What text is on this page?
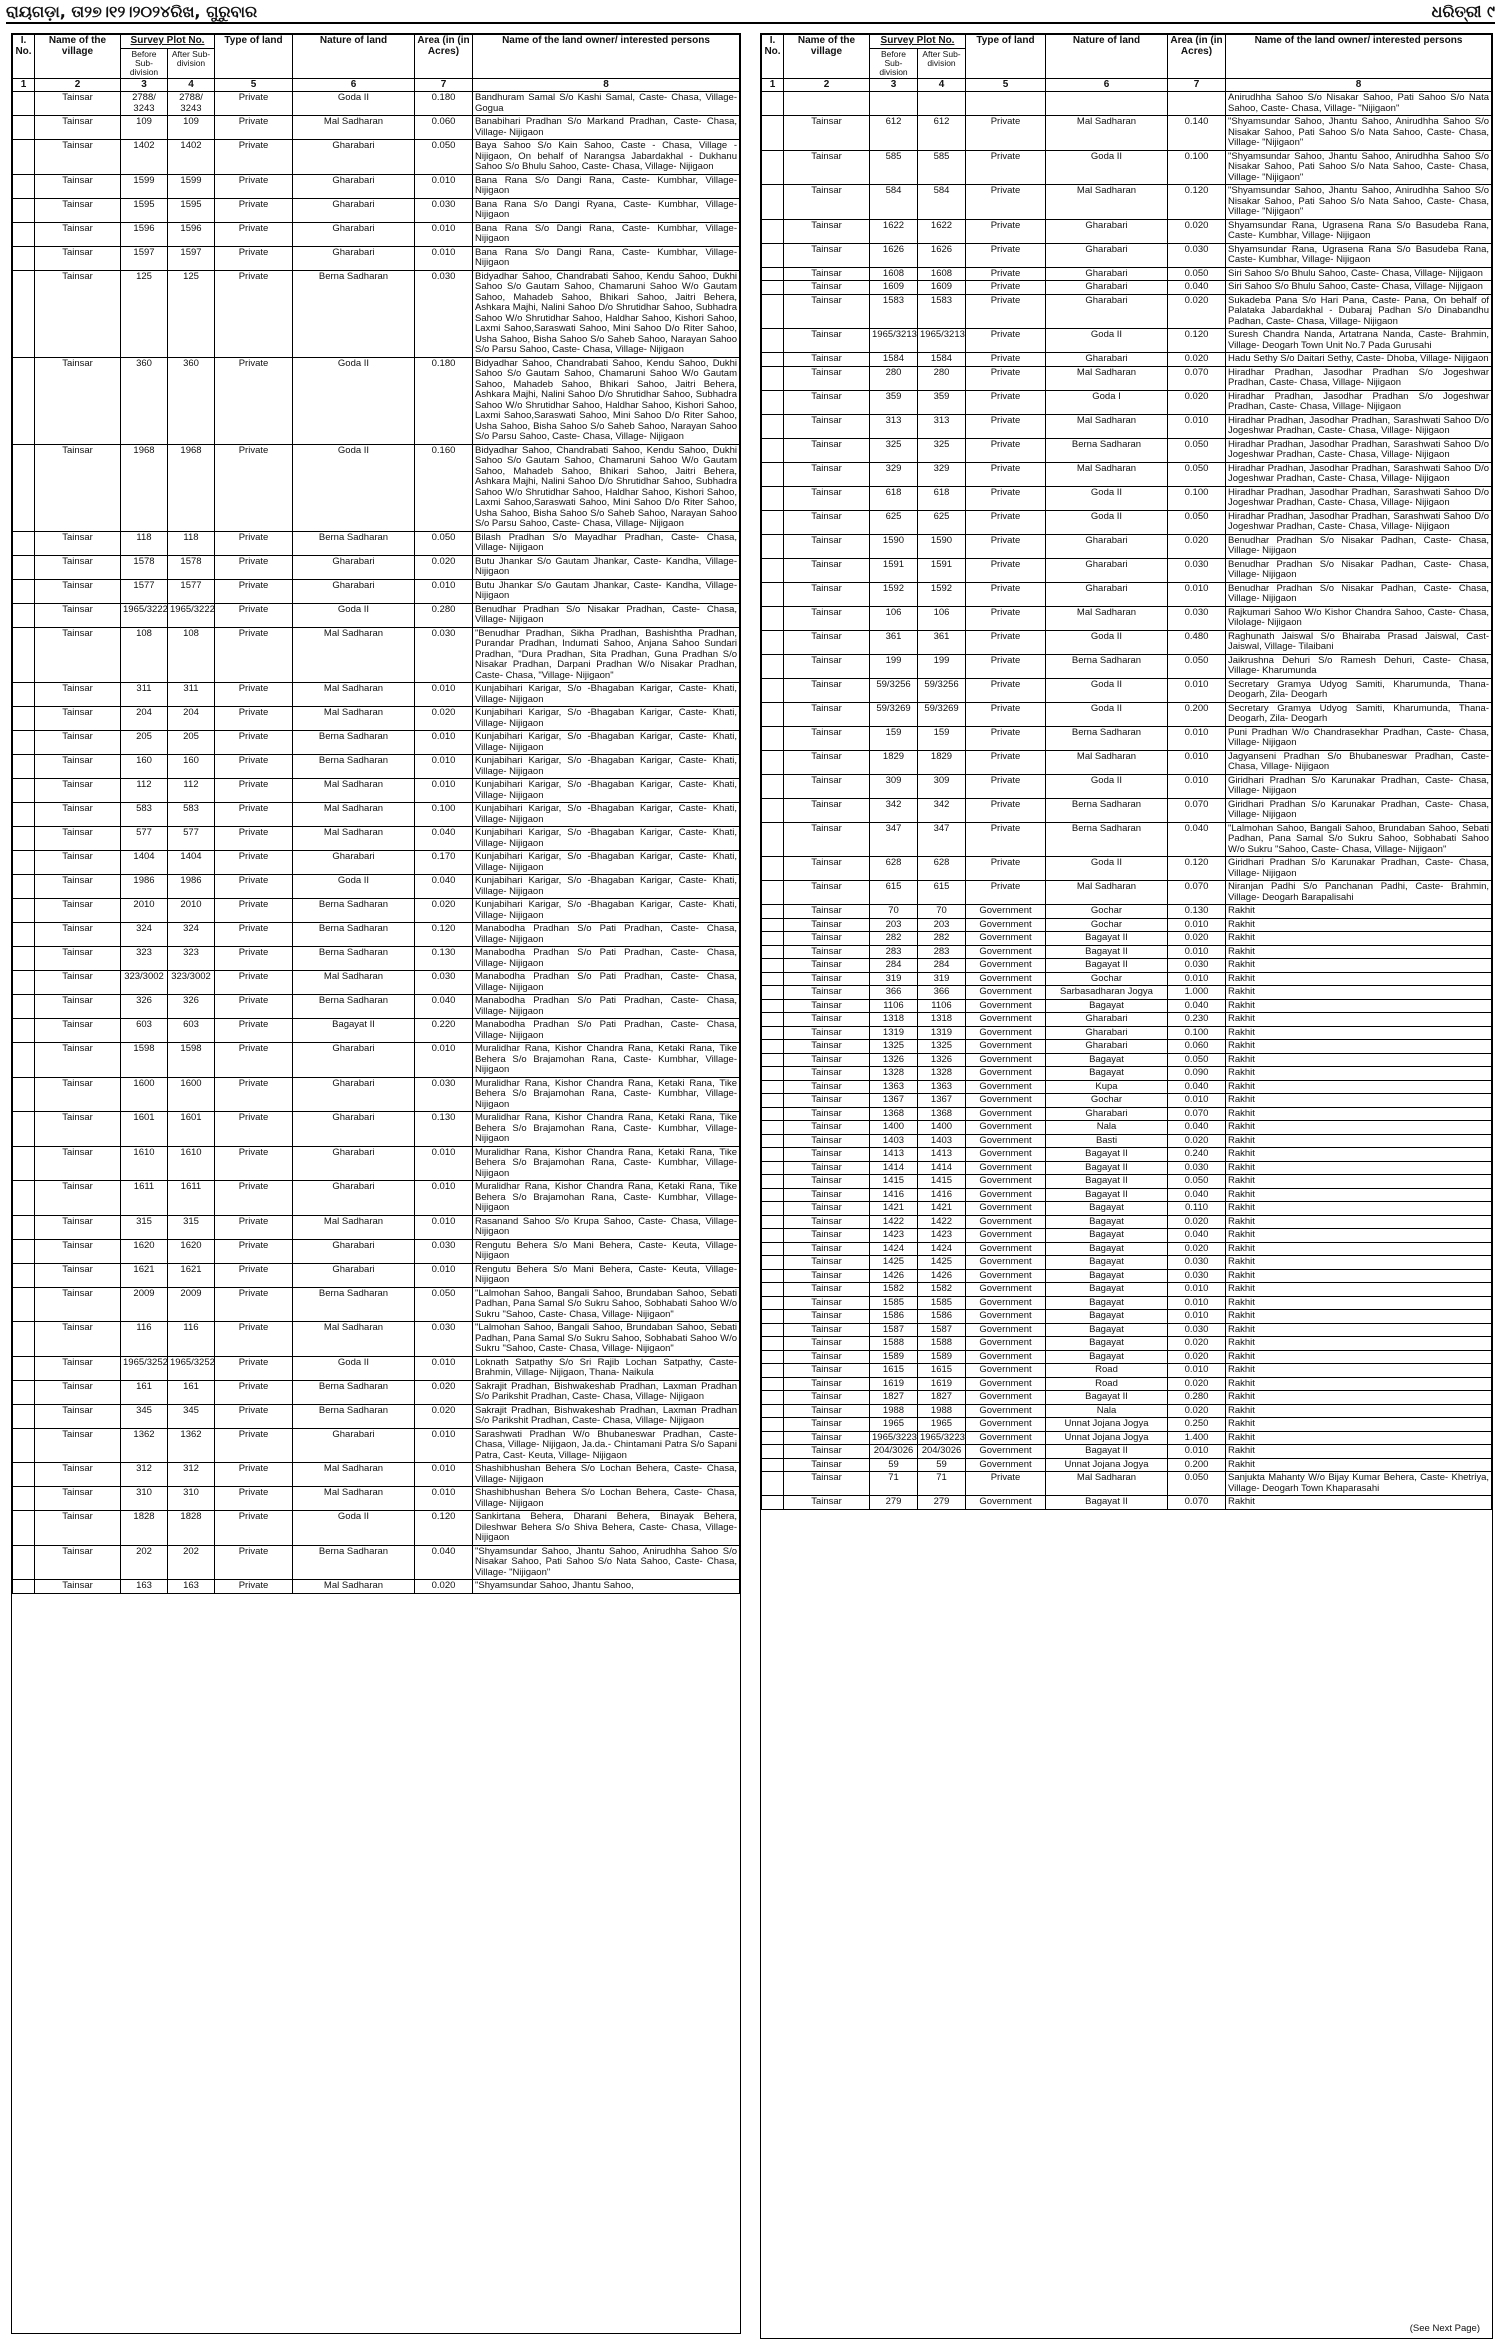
ରାୟଗଡ଼ା, ତା୨୭।୧୨।୨୦୨୪ରିଖ, ଗୁରୁବାର	ଧରିତ୍ରୀ ୯
I. No.	Name of the village	Survey Plot No.		Type of land	Nature of land	Area (in (in Acres)	Name of the land owner/ interested persons
		Before Sub-division	After Sub-division				
1	2	3	4	5	6	7	8
	Tainsar	2788/ 3243	2788/ 3243	Private	Goda II	0.180	Bandhuram Samal S/o Kashi Samal, Caste- Chasa, Village- Gogua
	Tainsar	109	109	Private	Mal Sadharan	0.060	Banabihari Pradhan S/o Markand Pradhan, Caste- Chasa, Village- Nijigaon
	Tainsar	1402	1402	Private	Gharabari	0.050	Baya Sahoo S/o Kain Sahoo, Caste - Chasa, Village - Nijigaon, On behalf of Narangsa Jabardakhal - Dukhanu Sahoo S/o Bhulu Sahoo, Caste- Chasa, Village- Nijigaon
	Tainsar	1599	1599	Private	Gharabari	0.010	Bana Rana S/o Dangi Rana, Caste- Kumbhar, Village- Nijigaon
	Tainsar	1595	1595	Private	Gharabari	0.030	Bana Rana S/o Dangi Ryana, Caste- Kumbhar, Village- Nijigaon
	Tainsar	1596	1596	Private	Gharabari	0.010	Bana Rana S/o Dangi Rana, Caste- Kumbhar, Village- Nijigaon
	Tainsar	1597	1597	Private	Gharabari	0.010	Bana Rana S/o Dangi Rana, Caste- Kumbhar, Village- Nijigaon
	Tainsar	125	125	Private	Berna Sadharan	0.030	Bidyadhar Sahoo, Chandrabati Sahoo, Kendu Sahoo, Dukhi Sahoo S/o Gautam Sahoo, Chamaruni Sahoo W/o Gautam Sahoo, Mahadeb Sahoo, Bhikari Sahoo, Jaitri Behera, Ashkara Majhi, Nalini Sahoo D/o Shrutidhar Sahoo, Subhadra Sahoo W/o Shrutidhar Sahoo, Haldhar Sahoo, Kishori Sahoo, Laxmi Sahoo,Saraswati Sahoo, Mini Sahoo D/o Riter Sahoo, Usha Sahoo, Bisha Sahoo S/o Saheb Sahoo, Narayan Sahoo S/o Parsu Sahoo, Caste- Chasa, Village- Nijigaon
	Tainsar	360	360	Private	Goda II	0.180	Bidyadhar Sahoo, Chandrabati Sahoo, Kendu Sahoo, Dukhi Sahoo S/o Gautam Sahoo, Chamaruni Sahoo W/o Gautam Sahoo, Mahadeb Sahoo, Bhikari Sahoo, Jaitri Behera, Ashkara Majhi, Nalini Sahoo D/o Shrutidhar Sahoo, Subhadra Sahoo W/o Shrutidhar Sahoo, Haldhar Sahoo, Kishori Sahoo, Laxmi Sahoo,Saraswati Sahoo, Mini Sahoo D/o Riter Sahoo, Usha Sahoo, Bisha Sahoo S/o Saheb Sahoo, Narayan Sahoo S/o Parsu Sahoo, Caste- Chasa, Village- Nijigaon
	Tainsar	1968	1968	Private	Goda II	0.160	Bidyadhar Sahoo, Chandrabati Sahoo, Kendu Sahoo, Dukhi Sahoo S/o Gautam Sahoo, Chamaruni Sahoo W/o Gautam Sahoo, Mahadeb Sahoo, Bhikari Sahoo, Jaitri Behera, Ashkara Majhi, Nalini Sahoo D/o Shrutidhar Sahoo, Subhadra Sahoo W/o Shrutidhar Sahoo, Haldhar Sahoo, Kishori Sahoo, Laxmi Sahoo,Saraswati Sahoo, Mini Sahoo D/o Riter Sahoo, Usha Sahoo, Bisha Sahoo S/o Saheb Sahoo, Narayan Sahoo S/o Parsu Sahoo, Caste- Chasa, Village- Nijigaon
	Tainsar	118	118	Private	Berna Sadharan	0.050	Bilash Pradhan S/o Mayadhar Pradhan, Caste- Chasa, Village- Nijigaon
	Tainsar	1578	1578	Private	Gharabari	0.020	Butu Jhankar S/o Gautam Jhankar, Caste- Kandha, Village- Nijigaon
	Tainsar	1577	1577	Private	Gharabari	0.010	Butu Jhankar S/o Gautam Jhankar, Caste- Kandha, Village- Nijigaon
	Tainsar	1965/3222	1965/3222	Private	Goda II	0.280	Benudhar Pradhan S/o Nisakar Pradhan, Caste- Chasa, Village- Nijigaon
	Tainsar	108	108	Private	Mal Sadharan	0.030	"Benudhar Pradhan, Sikha Pradhan, Bashishtha Pradhan, Purandar Pradhan, Indumati Sahoo, Anjana Sahoo Sundari Pradhan, "Dura Pradhan, Sita Pradhan, Guna Pradhan S/o Nisakar Pradhan, Darpani Pradhan W/o Nisakar Pradhan, Caste- Chasa, "Village- Nijigaon"
	Tainsar	311	311	Private	Mal Sadharan	0.010	Kunjabihari Karigar, S/o -Bhagaban Karigar, Caste- Khati, Village- Nijigaon
	Tainsar	204	204	Private	Mal Sadharan	0.020	Kunjabihari Karigar, S/o -Bhagaban Karigar, Caste- Khati, Village- Nijigaon
	Tainsar	205	205	Private	Berna Sadharan	0.010	Kunjabihari Karigar, S/o -Bhagaban Karigar, Caste- Khati, Village- Nijigaon
	Tainsar	160	160	Private	Berna Sadharan	0.010	Kunjabihari Karigar, S/o -Bhagaban Karigar, Caste- Khati, Village- Nijigaon
	Tainsar	112	112	Private	Mal Sadharan	0.010	Kunjabihari Karigar, S/o -Bhagaban Karigar, Caste- Khati, Village- Nijigaon
	Tainsar	583	583	Private	Mal Sadharan	0.100	Kunjabihari Karigar, S/o -Bhagaban Karigar, Caste- Khati, Village- Nijigaon
	Tainsar	577	577	Private	Mal Sadharan	0.040	Kunjabihari Karigar, S/o -Bhagaban Karigar, Caste- Khati, Village- Nijigaon
	Tainsar	1404	1404	Private	Gharabari	0.170	Kunjabihari Karigar, S/o -Bhagaban Karigar, Caste- Khati, Village- Nijigaon
	Tainsar	1986	1986	Private	Goda II	0.040	Kunjabihari Karigar, S/o -Bhagaban Karigar, Caste- Khati, Village- Nijigaon
	Tainsar	2010	2010	Private	Berna Sadharan	0.020	Kunjabihari Karigar, S/o -Bhagaban Karigar, Caste- Khati, Village- Nijigaon
	Tainsar	324	324	Private	Berna Sadharan	0.120	Manabodha Pradhan S/o Pati Pradhan, Caste- Chasa, Village- Nijigaon
	Tainsar	323	323	Private	Berna Sadharan	0.130	Manabodha Pradhan S/o Pati Pradhan, Caste- Chasa, Village- Nijigaon
	Tainsar	323/3002	323/3002	Private	Mal Sadharan	0.030	Manabodha Pradhan S/o Pati Pradhan, Caste- Chasa, Village- Nijigaon
	Tainsar	326	326	Private	Berna Sadharan	0.040	Manabodha Pradhan S/o Pati Pradhan, Caste- Chasa, Village- Nijigaon
	Tainsar	603	603	Private	Bagayat II	0.220	Manabodha Pradhan S/o Pati Pradhan, Caste- Chasa, Village- Nijigaon
	Tainsar	1598	1598	Private	Gharabari	0.010	Muralidhar Rana, Kishor Chandra Rana, Ketaki Rana, Tike Behera S/o Brajamohan Rana, Caste- Kumbhar, Village- Nijigaon
	Tainsar	1600	1600	Private	Gharabari	0.030	Muralidhar Rana, Kishor Chandra Rana, Ketaki Rana, Tike Behera S/o Brajamohan Rana, Caste- Kumbhar, Village- Nijigaon
	Tainsar	1601	1601	Private	Gharabari	0.130	Muralidhar Rana, Kishor Chandra Rana, Ketaki Rana, Tike Behera S/o Brajamohan Rana, Caste- Kumbhar, Village- Nijigaon
	Tainsar	1610	1610	Private	Gharabari	0.010	Muralidhar Rana, Kishor Chandra Rana, Ketaki Rana, Tike Behera S/o Brajamohan Rana, Caste- Kumbhar, Village- Nijigaon
	Tainsar	1611	1611	Private	Gharabari	0.010	Muralidhar Rana, Kishor Chandra Rana, Ketaki Rana, Tike Behera S/o Brajamohan Rana, Caste- Kumbhar, Village- Nijigaon
	Tainsar	315	315	Private	Mal Sadharan	0.010	Rasanand Sahoo S/o Krupa Sahoo, Caste- Chasa, Village- Nijigaon
	Tainsar	1620	1620	Private	Gharabari	0.030	Rengutu Behera S/o Mani Behera, Caste- Keuta, Village- Nijigaon
	Tainsar	1621	1621	Private	Gharabari	0.010	Rengutu Behera S/o Mani Behera, Caste- Keuta, Village- Nijigaon
	Tainsar	2009	2009	Private	Berna Sadharan	0.050	"Lalmohan Sahoo, Bangali Sahoo, Brundaban Sahoo, Sebati Padhan, Pana Samal S/o Sukru Sahoo, Sobhabati Sahoo W/o Sukru "Sahoo, Caste- Chasa, Village- Nijigaon"
	Tainsar	116	116	Private	Mal Sadharan	0.030	"Lalmohan Sahoo, Bangali Sahoo, Brundaban Sahoo, Sebati Padhan, Pana Samal S/o Sukru Sahoo, Sobhabati Sahoo W/o Sukru "Sahoo, Caste- Chasa, Village- Nijigaon"
	Tainsar	1965/3252	1965/3252	Private	Goda II	0.010	Loknath Satpathy S/o Sri Rajib Lochan Satpathy, Caste- Brahmin, Village- Nijigaon, Thana- Naikula
	Tainsar	161	161	Private	Berna Sadharan	0.020	Sakrajit Pradhan, Bishwakeshab Pradhan, Laxman Pradhan S/o Parikshit Pradhan, Caste- Chasa, Village- Nijigaon
	Tainsar	345	345	Private	Berna Sadharan	0.020	Sakrajit Pradhan, Bishwakeshab Pradhan, Laxman Pradhan S/o Parikshit Pradhan, Caste- Chasa, Village- Nijigaon
	Tainsar	1362	1362	Private	Gharabari	0.010	Sarashwati Pradhan W/o Bhubaneswar Pradhan, Caste- Chasa, Village- Nijigaon, Ja.da.- Chintamani Patra S/o Sapani Patra, Cast- Keuta, Village- Nijigaon
	Tainsar	312	312	Private	Mal Sadharan	0.010	Shashibhushan Behera S/o Lochan Behera, Caste- Chasa, Village- Nijigaon
	Tainsar	310	310	Private	Mal Sadharan	0.010	Shashibhushan Behera S/o Lochan Behera, Caste- Chasa, Village- Nijigaon
	Tainsar	1828	1828	Private	Goda II	0.120	Sankirtana Behera, Dharani Behera, Binayak Behera, Dileshwar Behera S/o Shiva Behera, Caste- Chasa, Village- Nijigaon
	Tainsar	202	202	Private	Berna Sadharan	0.040	"Shyamsundar Sahoo, Jhantu Sahoo, Anirudhha Sahoo S/o Nisakar Sahoo, Pati Sahoo S/o Nata Sahoo, Caste- Chasa, Village- "Nijigaon"
	Tainsar	163	163	Private	Mal Sadharan	0.020	"Shyamsundar Sahoo, Jhantu Sahoo,
I. No.	Name of the village	Survey Plot No.		Type of land	Nature of land	Area (in (in Acres)	Name of the land owner/ interested persons
		Before Sub-division	After Sub-division				
1	2	3	4	5	6	7	8
							Anirudhha Sahoo S/o Nisakar Sahoo, Pati Sahoo S/o Nata Sahoo, Caste- Chasa, Village- "Nijigaon"
	Tainsar	612	612	Private	Mal Sadharan	0.140	"Shyamsundar Sahoo, Jhantu Sahoo, Anirudhha Sahoo S/o Nisakar Sahoo, Pati Sahoo S/o Nata Sahoo, Caste- Chasa, Village- "Nijigaon"
	Tainsar	585	585	Private	Goda II	0.100	"Shyamsundar Sahoo, Jhantu Sahoo, Anirudhha Sahoo S/o Nisakar Sahoo, Pati Sahoo S/o Nata Sahoo, Caste- Chasa, Village- "Nijigaon"
	Tainsar	584	584	Private	Mal Sadharan	0.120	"Shyamsundar Sahoo, Jhantu Sahoo, Anirudhha Sahoo S/o Nisakar Sahoo, Pati Sahoo S/o Nata Sahoo, Caste- Chasa, Village- "Nijigaon"
	Tainsar	1622	1622	Private	Gharabari	0.020	Shyamsundar Rana, Ugrasena Rana S/o Basudeba Rana, Caste- Kumbhar, Village- Nijigaon
	Tainsar	1626	1626	Private	Gharabari	0.030	Shyamsundar Rana, Ugrasena Rana S/o Basudeba Rana, Caste- Kumbhar, Village- Nijigaon
	Tainsar	1608	1608	Private	Gharabari	0.050	Siri Sahoo S/o Bhulu Sahoo, Caste- Chasa, Village- Nijigaon
	Tainsar	1609	1609	Private	Gharabari	0.040	Siri Sahoo S/o Bhulu Sahoo, Caste- Chasa, Village- Nijigaon
	Tainsar	1583	1583	Private	Gharabari	0.020	Sukadeba Pana S/o Hari Pana, Caste- Pana, On behalf of Palataka Jabardakhal - Dubaraj Padhan S/o Dinabandhu Padhan, Caste- Chasa, Village- Nijigaon
	Tainsar	1965/3213	1965/3213	Private	Goda II	0.120	Suresh Chandra Nanda, Artatrana Nanda, Caste- Brahmin, Village- Deogarh Town Unit No.7 Pada Gurusahi
	Tainsar	1584	1584	Private	Gharabari	0.020	Hadu Sethy S/o Daitari Sethy, Caste- Dhoba, Village- Nijigaon
	Tainsar	280	280	Private	Mal Sadharan	0.070	Hiradhar Pradhan, Jasodhar Pradhan S/o Jogeshwar Pradhan, Caste- Chasa, Village- Nijigaon
	Tainsar	359	359	Private	Goda I	0.020	Hiradhar Pradhan, Jasodhar Pradhan S/o Jogeshwar Pradhan, Caste- Chasa, Village- Nijigaon
	Tainsar	313	313	Private	Mal Sadharan	0.010	Hiradhar Pradhan, Jasodhar Pradhan, Sarashwati Sahoo D/o Jogeshwar Pradhan, Caste- Chasa, Village- Nijigaon
	Tainsar	325	325	Private	Berna Sadharan	0.050	Hiradhar Pradhan, Jasodhar Pradhan, Sarashwati Sahoo D/o Jogeshwar Pradhan, Caste- Chasa, Village- Nijigaon
	Tainsar	329	329	Private	Mal Sadharan	0.050	Hiradhar Pradhan, Jasodhar Pradhan, Sarashwati Sahoo D/o Jogeshwar Pradhan, Caste- Chasa, Village- Nijigaon
	Tainsar	618	618	Private	Goda II	0.100	Hiradhar Pradhan, Jasodhar Pradhan, Sarashwati Sahoo D/o Jogeshwar Pradhan, Caste- Chasa, Village- Nijigaon
	Tainsar	625	625	Private	Goda II	0.050	Hiradhar Pradhan, Jasodhar Pradhan, Sarashwati Sahoo D/o Jogeshwar Pradhan, Caste- Chasa, Village- Nijigaon
	Tainsar	1590	1590	Private	Gharabari	0.020	Benudhar Pradhan S/o Nisakar Padhan, Caste- Chasa, Village- Nijigaon
	Tainsar	1591	1591	Private	Gharabari	0.030	Benudhar Pradhan S/o Nisakar Padhan, Caste- Chasa, Village- Nijigaon
	Tainsar	1592	1592	Private	Gharabari	0.010	Benudhar Pradhan S/o Nisakar Padhan, Caste- Chasa, Village- Nijigaon
	Tainsar	106	106	Private	Mal Sadharan	0.030	Rajkumari Sahoo W/o Kishor Chandra Sahoo, Caste- Chasa, Vilolage- Nijigaon
	Tainsar	361	361	Private	Goda II	0.480	Raghunath Jaiswal S/o Bhairaba Prasad Jaiswal, Cast- Jaiswal, Village- Tilaibani
	Tainsar	199	199	Private	Berna Sadharan	0.050	Jaikrushna Dehuri S/o Ramesh Dehuri, Caste- Chasa, Village- Kharumunda
	Tainsar	59/3256	59/3256	Private	Goda II	0.010	Secretary Gramya Udyog Samiti, Kharumunda, Thana- Deogarh, Zila- Deogarh
	Tainsar	59/3269	59/3269	Private	Goda II	0.200	Secretary Gramya Udyog Samiti, Kharumunda, Thana- Deogarh, Zila- Deogarh
	Tainsar	159	159	Private	Berna Sadharan	0.010	Puni Pradhan W/o Chandrasekhar Pradhan, Caste- Chasa, Village- Nijigaon
	Tainsar	1829	1829	Private	Mal Sadharan	0.010	Jagyanseni Pradhan S/o Bhubaneswar Pradhan, Caste- Chasa, Village- Nijigaon
	Tainsar	309	309	Private	Goda II	0.010	Giridhari Pradhan S/o Karunakar Pradhan, Caste- Chasa, Village- Nijigaon
	Tainsar	342	342	Private	Berna Sadharan	0.070	Giridhari Pradhan S/o Karunakar Pradhan, Caste- Chasa, Village- Nijigaon
	Tainsar	347	347	Private	Berna Sadharan	0.040	"Lalmohan Sahoo, Bangali Sahoo, Brundaban Sahoo, Sebati Padhan, Pana Samal S/o Sukru Sahoo, Sobhabati Sahoo W/o Sukru "Sahoo, Caste- Chasa, Village- Nijigaon"
	Tainsar	628	628	Private	Goda II	0.120	Giridhari Pradhan S/o Karunakar Pradhan, Caste- Chasa, Village- Nijigaon
	Tainsar	615	615	Private	Mal Sadharan	0.070	Niranjan Padhi S/o Panchanan Padhi, Caste- Brahmin, Village- Deogarh Barapalisahi
	Tainsar	70	70	Government	Gochar	0.130	Rakhit
	Tainsar	203	203	Government	Gochar	0.010	Rakhit
	Tainsar	282	282	Government	Bagayat II	0.020	Rakhit
	Tainsar	283	283	Government	Bagayat II	0.010	Rakhit
	Tainsar	284	284	Government	Bagayat II	0.030	Rakhit
	Tainsar	319	319	Government	Gochar	0.010	Rakhit
	Tainsar	366	366	Government	Sarbasadharan Jogya	1.000	Rakhit
	Tainsar	1106	1106	Government	Bagayat	0.040	Rakhit
	Tainsar	1318	1318	Government	Gharabari	0.230	Rakhit
	Tainsar	1319	1319	Government	Gharabari	0.100	Rakhit
	Tainsar	1325	1325	Government	Gharabari	0.060	Rakhit
	Tainsar	1326	1326	Government	Bagayat	0.050	Rakhit
	Tainsar	1328	1328	Government	Bagayat	0.090	Rakhit
	Tainsar	1363	1363	Government	Kupa	0.040	Rakhit
	Tainsar	1367	1367	Government	Gochar	0.010	Rakhit
	Tainsar	1368	1368	Government	Gharabari	0.070	Rakhit
	Tainsar	1400	1400	Government	Nala	0.040	Rakhit
	Tainsar	1403	1403	Government	Basti	0.020	Rakhit
	Tainsar	1413	1413	Government	Bagayat II	0.240	Rakhit
	Tainsar	1414	1414	Government	Bagayat II	0.030	Rakhit
	Tainsar	1415	1415	Government	Bagayat II	0.050	Rakhit
	Tainsar	1416	1416	Government	Bagayat II	0.040	Rakhit
	Tainsar	1421	1421	Government	Bagayat	0.110	Rakhit
	Tainsar	1422	1422	Government	Bagayat	0.020	Rakhit
	Tainsar	1423	1423	Government	Bagayat	0.040	Rakhit
	Tainsar	1424	1424	Government	Bagayat	0.020	Rakhit
	Tainsar	1425	1425	Government	Bagayat	0.030	Rakhit
	Tainsar	1426	1426	Government	Bagayat	0.030	Rakhit
	Tainsar	1582	1582	Government	Bagayat	0.010	Rakhit
	Tainsar	1585	1585	Government	Bagayat	0.010	Rakhit
	Tainsar	1586	1586	Government	Bagayat	0.010	Rakhit
	Tainsar	1587	1587	Government	Bagayat	0.030	Rakhit
	Tainsar	1588	1588	Government	Bagayat	0.020	Rakhit
	Tainsar	1589	1589	Government	Bagayat	0.020	Rakhit
	Tainsar	1615	1615	Government	Road	0.010	Rakhit
	Tainsar	1619	1619	Government	Road	0.020	Rakhit
	Tainsar	1827	1827	Government	Bagayat II	0.280	Rakhit
	Tainsar	1988	1988	Government	Nala	0.020	Rakhit
	Tainsar	1965	1965	Government	Unnat Jojana Jogya	0.250	Rakhit
	Tainsar	1965/3223	1965/3223	Government	Unnat Jojana Jogya	1.400	Rakhit
	Tainsar	204/3026	204/3026	Government	Bagayat II	0.010	Rakhit
	Tainsar	59	59	Government	Unnat Jojana Jogya	0.200	Rakhit
	Tainsar	71	71	Private	Mal Sadharan	0.050	Sanjukta Mahanty W/o Bijay Kumar Behera, Caste- Khetriya, Village- Deogarh Town Khaparasahi
	Tainsar	279	279	Government	Bagayat II	0.070	Rakhit
(See Next Page)
